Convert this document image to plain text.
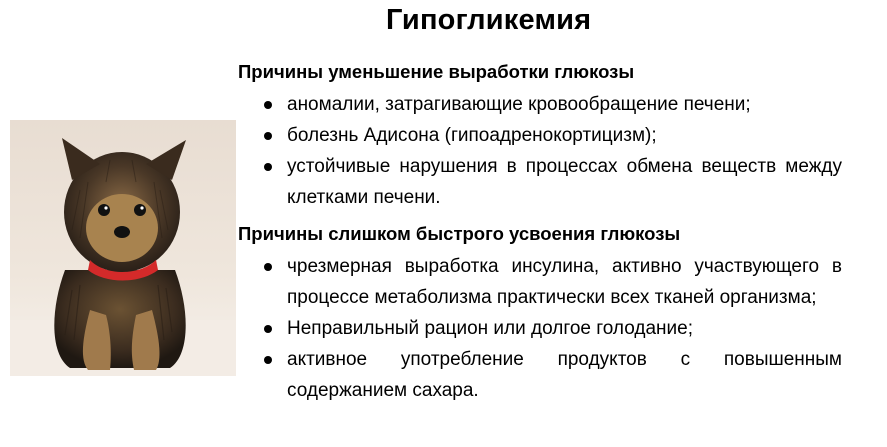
Гипогликемия
Причины уменьшение выработки глюкозы
аномалии, затрагивающие кровообращение печени;
болезнь Адисона (гипоадренокортицизм);
устойчивые нарушения в процессах обмена веществ между клетками печени.
Причины слишком быстрого усвоения глюкозы
чрезмерная выработка инсулина, активно участвующего в процессе метаболизма практически всех тканей организма;
Неправильный рацион или долгое голодание;
активное употребление продуктов с повышенным содержанием сахара.
